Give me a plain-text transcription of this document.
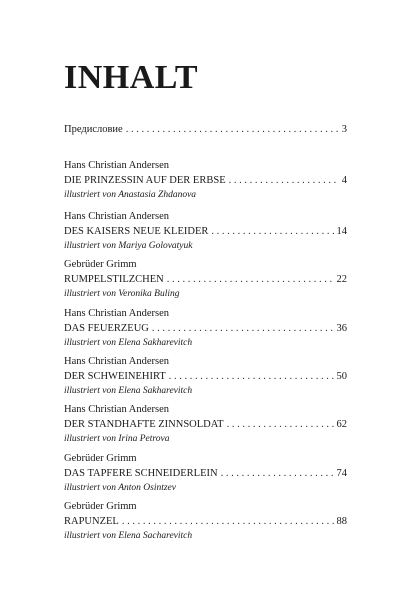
INHALT
Предисловие . . .	3
Hans Christian Andersen
DIE PRINZESSIN AUF DER ERBSE . . .	4
illustriert von Anastasia Zhdanova
Hans Christian Andersen
DES KAISERS NEUE KLEIDER . . .	14
illustriert von Mariya Golovatyuk
Gebrüder Grimm
RUMPELSTILZCHEN . . .	22
illustriert von Veronika Buling
Hans Christian Andersen
DAS FEUERZEUG . . .	36
illustriert von Elena Sakharevitch
Hans Christian Andersen
DER SCHWEINEHIRT . . .	50
illustriert von Elena Sakharevitch
Hans Christian Andersen
DER STANDHAFTE ZINNSOLDAT . . .	62
illustriert von Irina Petrova
Gebrüder Grimm
DAS TAPFERE SCHNEIDERLEIN . . .	74
illustriert von Anton Osintzev
Gebrüder Grimm
RAPUNZEL . . .	88
illustriert von Elena Sacharevitch
